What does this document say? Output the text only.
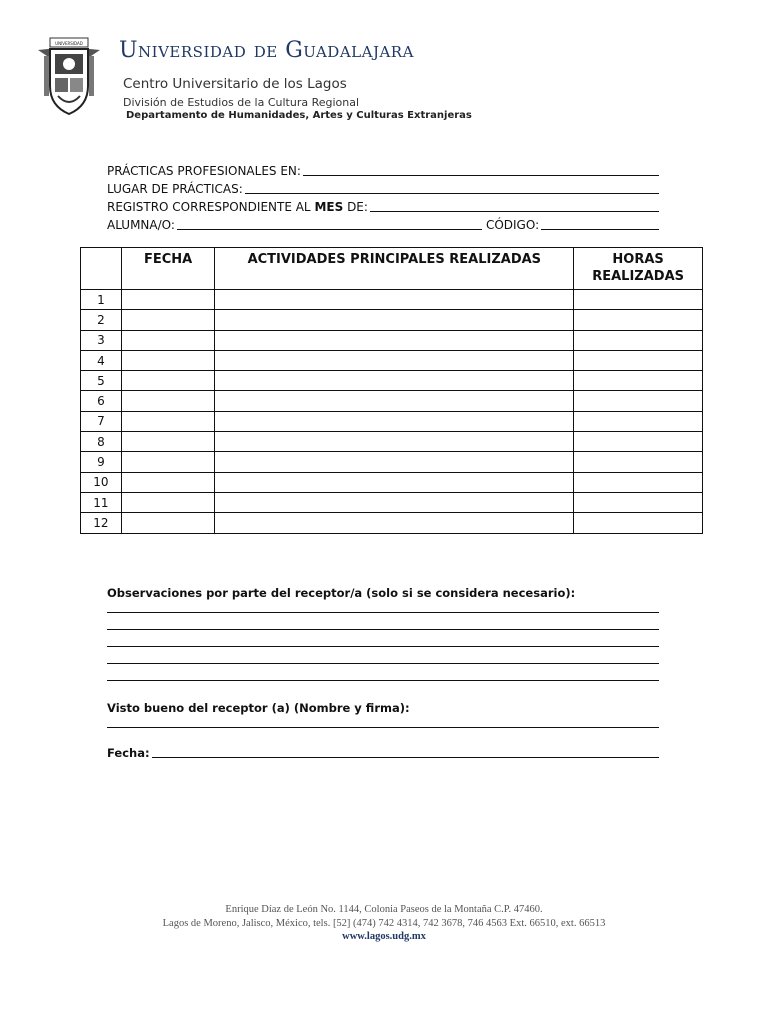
UNIVERSIDAD Universidad de Guadalajara
Centro Universitario de los Lagos
División de Estudios de la Cultura Regional
Departamento de Humanidades, Artes y Culturas Extranjeras
PRÁCTICAS PROFESIONALES EN:
LUGAR DE PRÁCTICAS:
REGISTRO CORRESPONDIENTE AL MES DE:
ALUMNA/O:	CÓDIGO:
	FECHA	ACTIVIDADES PRINCIPALES REALIZADAS	HORAS REALIZADAS
1			
2			
3			
4			
5			
6			
7			
8			
9			
10			
11			
12			
Observaciones por parte del receptor/a (solo si se considera necesario):
Visto bueno del receptor (a) (Nombre y firma):
Fecha:
Enrique Díaz de León No. 1144, Colonia Paseos de la Montaña C.P. 47460.
Lagos de Moreno, Jalisco, México, tels. [52] (474) 742 4314, 742 3678, 746 4563 Ext. 66510, ext. 66513
www.lagos.udg.mx
